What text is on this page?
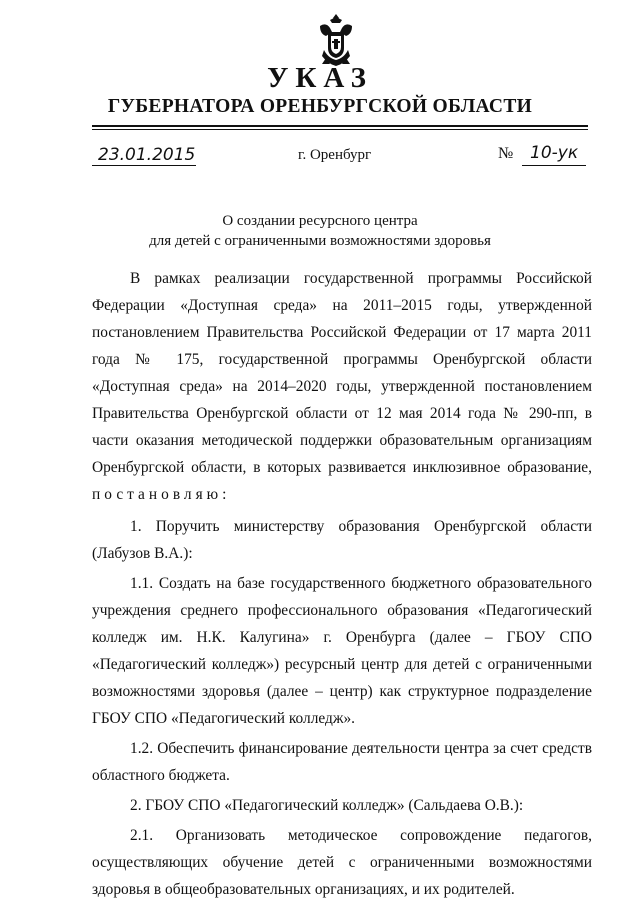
УКАЗ
ГУБЕРНАТОРА ОРЕНБУРГСКОЙ ОБЛАСТИ
23.01.2015	г. Оренбург	№ 10-ук
О создании ресурсного центра
для детей с ограниченными возможностями здоровья

В рамках реализации государственной программы Российской Федерации «Доступная среда» на 2011–2015 годы, утвержденной постановлением Правительства Российской Федерации от 17 марта 2011 года № 175, государственной программы Оренбургской области «Доступная среда» на 2014–2020 годы, утвержденной постановлением Правительства Оренбургской области от 12 мая 2014 года № 290-пп, в части оказания методической поддержки образовательным организациям Оренбургской области, в которых развивается инклюзивное образование, постановляю:

1. Поручить министерству образования Оренбургской области (Лабузов В.А.):

1.1. Создать на базе государственного бюджетного образовательного учреждения среднего профессионального образования «Педагогический колледж им. Н.К. Калугина» г. Оренбурга (далее – ГБОУ СПО «Педагогический колледж») ресурсный центр для детей с ограниченными возможностями здоровья (далее – центр) как структурное подразделение ГБОУ СПО «Педагогический колледж».

1.2. Обеспечить финансирование деятельности центра за счет средств областного бюджета.

2. ГБОУ СПО «Педагогический колледж» (Сальдаева О.В.):

2.1. Организовать методическое сопровождение педагогов, осуществляющих обучение детей с ограниченными возможностями здоровья в общеобразовательных организациях, и их родителей.
